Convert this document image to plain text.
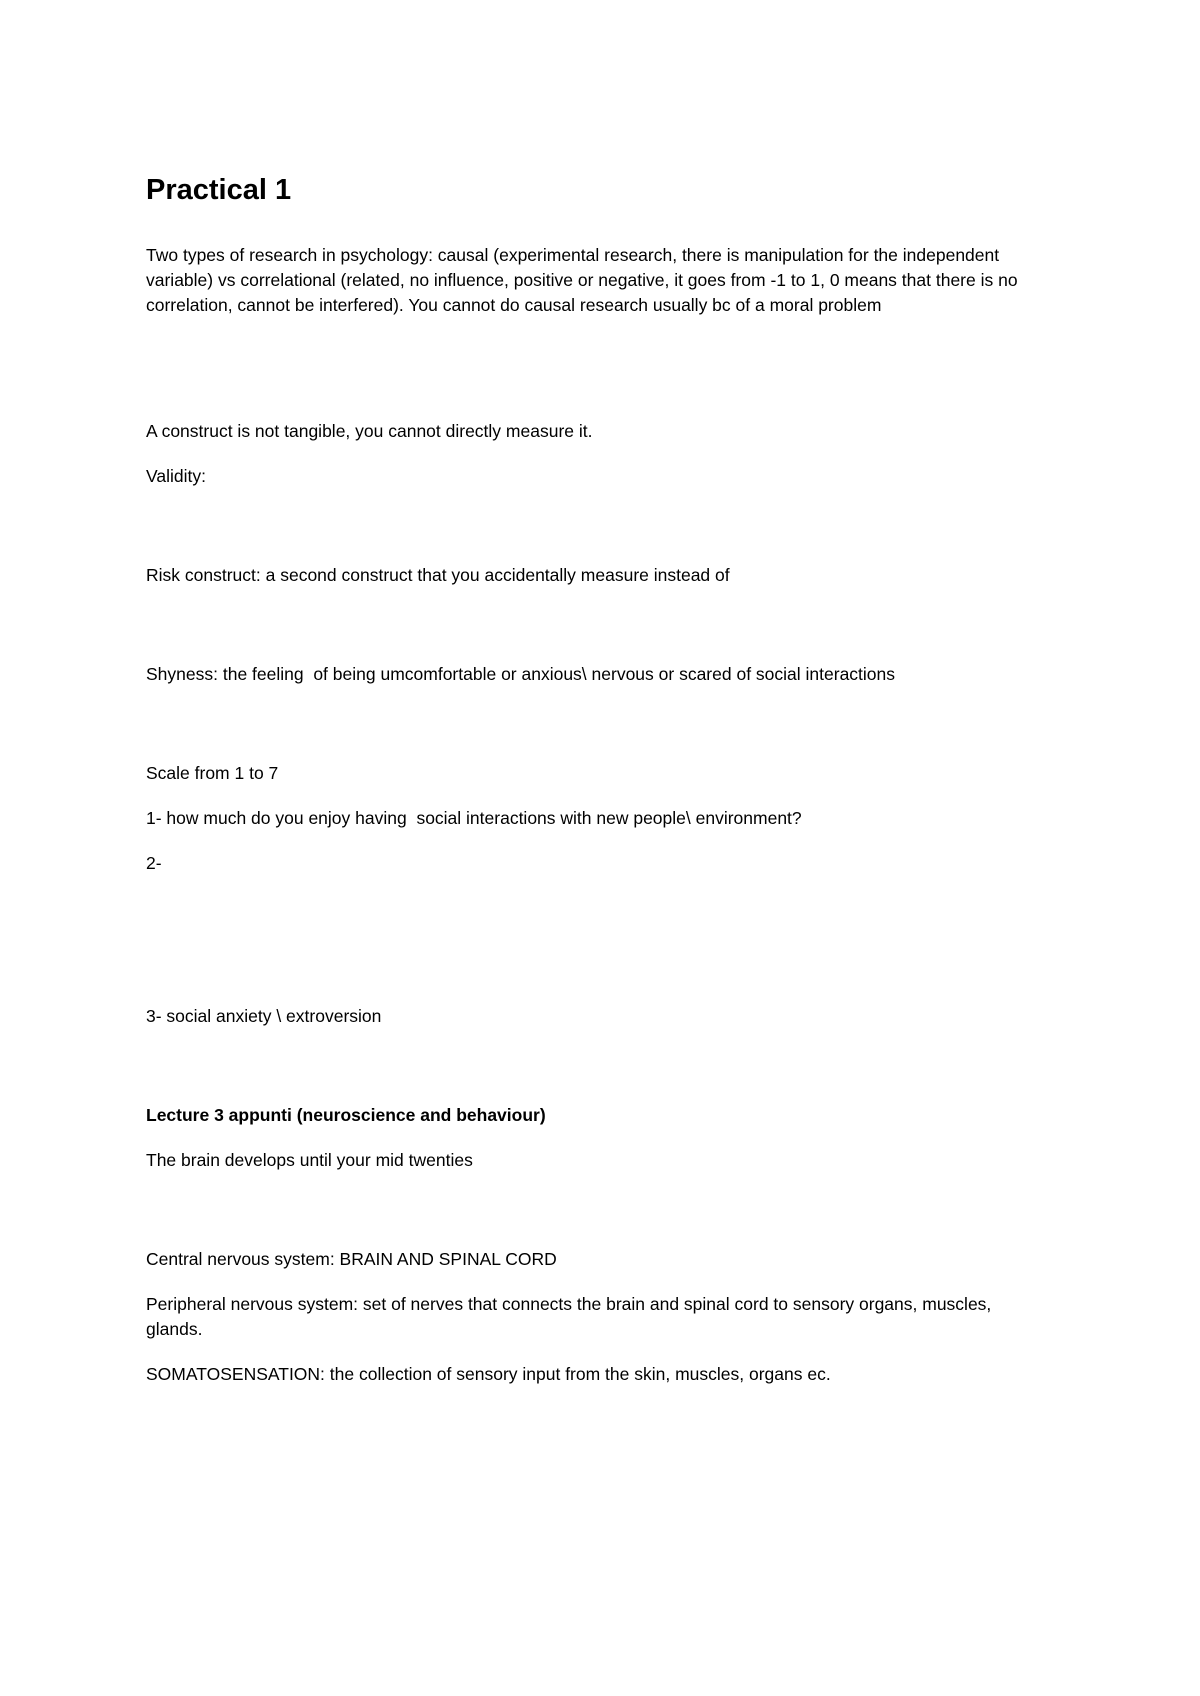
Practical 1

Two types of research in psychology: causal (experimental research, there is manipulation for the independent variable) vs correlational (related, no influence, positive or negative, it goes from -1 to 1, 0 means that there is no correlation, cannot be interfered). You cannot do causal research usually bc of a moral problem

A construct is not tangible, you cannot directly measure it.

Validity:

Risk construct: a second construct that you accidentally measure instead of

Shyness: the feeling  of being umcomfortable or anxious\ nervous or scared of social interactions

Scale from 1 to 7

1- how much do you enjoy having  social interactions with new people\ environment?

2-

3- social anxiety \ extroversion

Lecture 3 appunti (neuroscience and behaviour)

The brain develops until your mid twenties

Central nervous system: BRAIN AND SPINAL CORD

Peripheral nervous system: set of nerves that connects the brain and spinal cord to sensory organs, muscles, glands.

SOMATOSENSATION: the collection of sensory input from the skin, muscles, organs ec.
